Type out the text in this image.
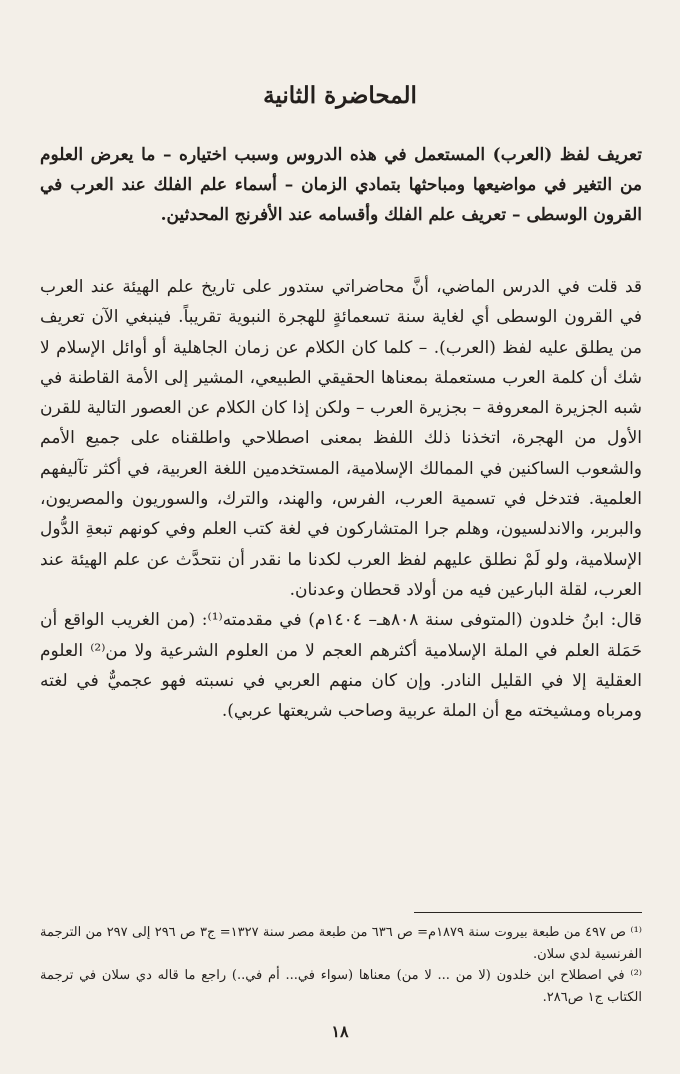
المحاضرة الثانية
تعريف لفظ (العرب) المستعمل في هذه الدروس وسبب اختياره – ما يعرض العلوم من التغير في مواضيعها ومباحثها بتمادي الزمان – أسماء علم الفلك عند العرب في القرون الوسطى – تعريف علم الفلك وأقسامه عند الأفرنج المحدثين.

قد قلت في الدرس الماضي، أنَّ محاضراتي ستدور على تاريخ علم الهيئة عند العرب في القرون الوسطى أي لغاية سنة تسعمائةٍ للهجرة النبوية تقريباً. فينبغي الآن تعريف من يطلق عليه لفظ (العرب). – كلما كان الكلام عن زمان الجاهلية أو أوائل الإسلام لا شك أن كلمة العرب مستعملة بمعناها الحقيقي الطبيعي، المشير إلى الأمة القاطنة في شبه الجزيرة المعروفة – بجزيرة العرب – ولكن إذا كان الكلام عن العصور التالية للقرن الأول من الهجرة، اتخذنا ذلك اللفظ بمعنى اصطلاحي واطلقناه على جميع الأمم والشعوب الساكنين في الممالك الإسلامية، المستخدمين اللغة العربية، في أكثر تآليفهم العلمية. فتدخل في تسمية العرب، الفرس، والهند، والترك، والسوريون والمصريون، والبربر، والاندلسيون، وهلم جرا المتشاركون في لغة كتب العلم وفي كونهم تبعةِ الدُّول الإسلامية، ولو لَمْ نطلق عليهم لفظ العرب لكدنا ما نقدر أن نتحدَّث عن علم الهيئة عند العرب، لقلة البارعين فيه من أولاد قحطان وعدنان.

قال: ابنُ خلدون (المتوفى سنة ٨٠٨هـ– ١٤٠٤م) في مقدمته⁽¹⁾: (من الغريب الواقع أن حَمَلة العلم في الملة الإسلامية أكثرهم العجم لا من العلوم الشرعية ولا من⁽²⁾ العلوم العقلية إلا في القليل النادر. وإن كان منهم العربي في نسبته فهو عجميٌّ في لغته ومرباه ومشيخته مع أن الملة عربية وصاحب شريعتها عربي).

⁽¹⁾ ص ٤٩٧ من طبعة بيروت سنة ١٨٧٩م= ص ٦٣٦ من طبعة مصر سنة ١٣٢٧= ج٣ ص ٢٩٦ إلى ٢٩٧ من الترجمة الفرنسية لدي سلان.

⁽²⁾ في اصطلاح ابن خلدون (لا من ... لا من) معناها (سواء في... أم في..) راجع ما قاله دي سلان في ترجمة الكتاب ج١ ص٢٨٦.

١٨
